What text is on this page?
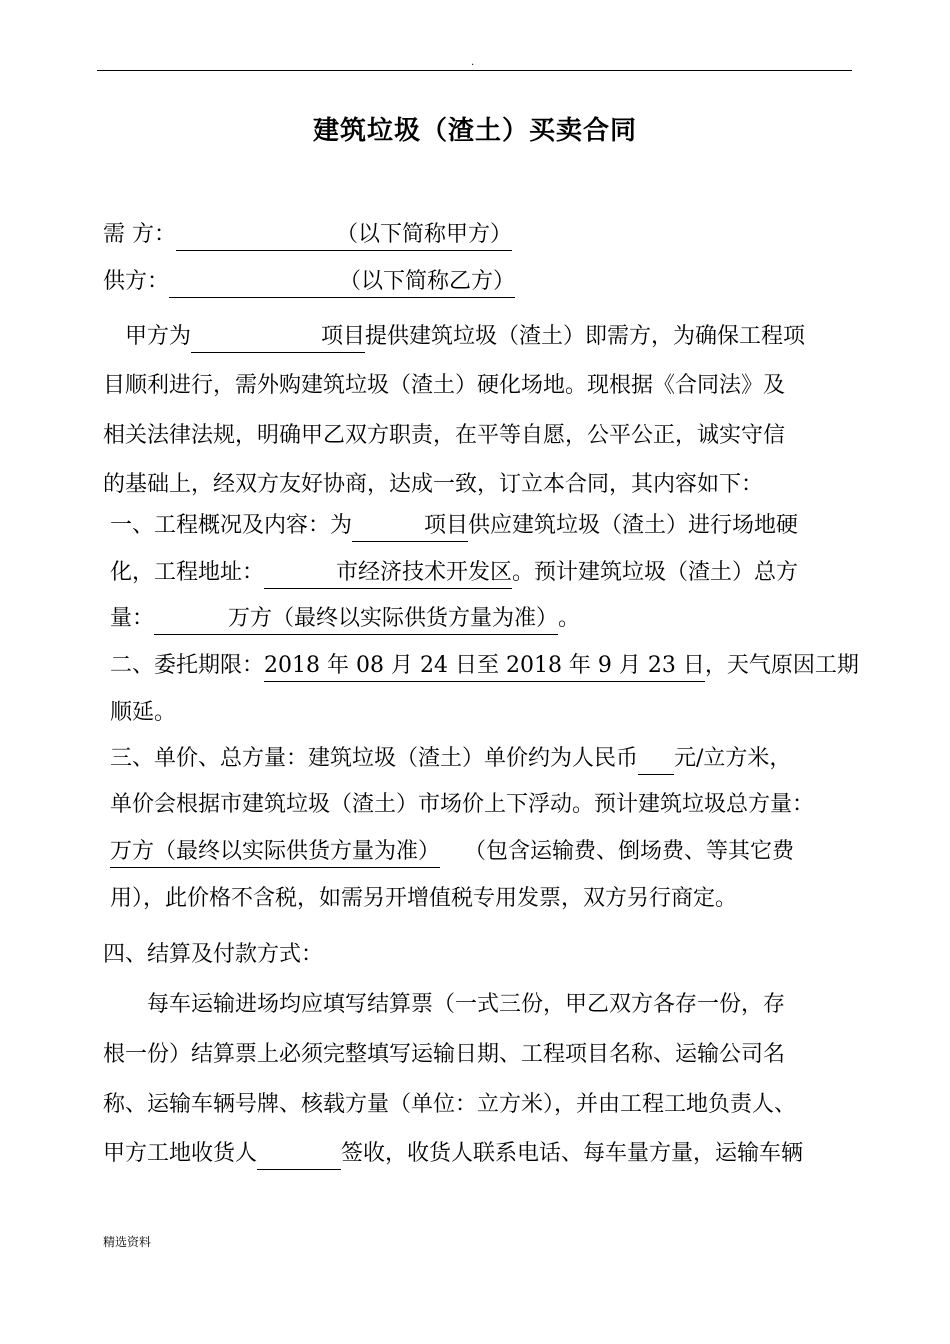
.
建筑垃圾（渣土）买卖合同
需 方：	（以下简称甲方）
供方：	（以下简称乙方）
甲方为	项目提供建筑垃圾（渣土）即需方，为确保工程项
目顺利进行，需外购建筑垃圾（渣土）硬化场地。现根据《合同法》及
相关法律法规，明确甲乙双方职责，在平等自愿，公平公正，诚实守信
的基础上，经双方友好协商，达成一致，订立本合同，其内容如下：
一、工程概况及内容：为	项目供应建筑垃圾（渣土）进行场地硬
化，工程地址：	市经济技术开发区。预计建筑垃圾（渣土）总方
量：	万方（最终以实际供货方量为准）。
二、委托期限：2018 年 08 月 24 日至 2018 年 9 月 23 日，天气原因工期
顺延。
三、单价、总方量：建筑垃圾（渣土）单价约为人民币 元/立方米，
单价会根据市建筑垃圾（渣土）市场价上下浮动。预计建筑垃圾总方量：
万方（最终以实际供货方量为准） （包含运输费、倒场费、等其它费
用），此价格不含税，如需另开增值税专用发票，双方另行商定。
四、结算及付款方式：
每车运输进场均应填写结算票（一式三份，甲乙双方各存一份，存
根一份）结算票上必须完整填写运输日期、工程项目名称、运输公司名
称、运输车辆号牌、核载方量（单位：立方米），并由工程工地负责人、
甲方工地收货人	签收，收货人联系电话、每车量方量，运输车辆
精选资料
